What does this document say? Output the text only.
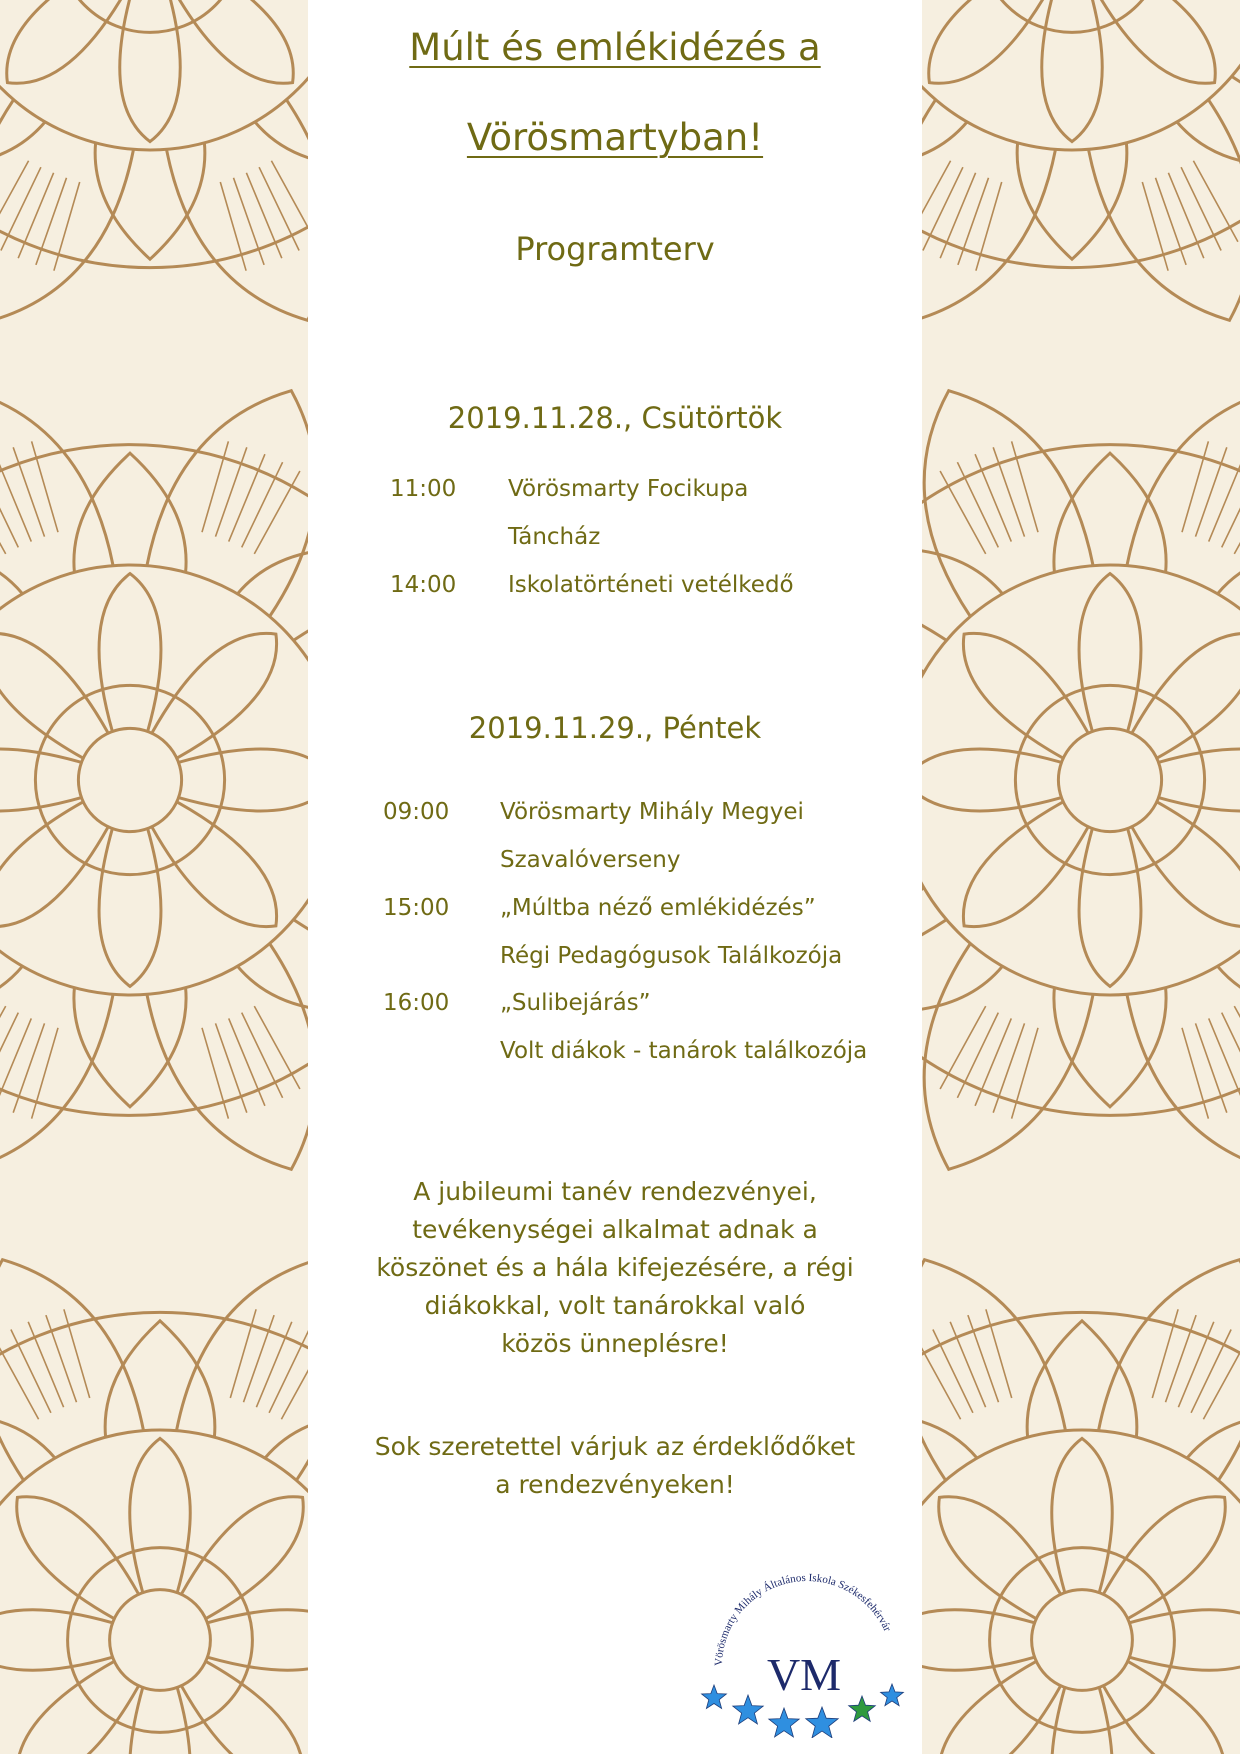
Múlt és emlékidézés a
Vörösmartyban!
Programterv
2019.11.28., Csütörtök
11:00 Vörösmarty Focikupa
Táncház
14:00 Iskolatörténeti vetélkedő
2019.11.29., Péntek
09:00 Vörösmarty Mihály Megyei
Szavalóverseny
15:00 „Múltba néző emlékidézés”
Régi Pedagógusok Találkozója
16:00 „Sulibejárás”
Volt diákok - tanárok találkozója

A jubileumi tanév rendezvényei,
tevékenységei alkalmat adnak a
köszönet és a hála kifejezésére, a régi
diákokkal, volt tanárokkal való
közös ünneplésre!

Sok szeretettel várjuk az érdeklődőket
a rendezvényeken!

Vörösmarty Mihály Általános Iskola Székesfehérvár
VM
